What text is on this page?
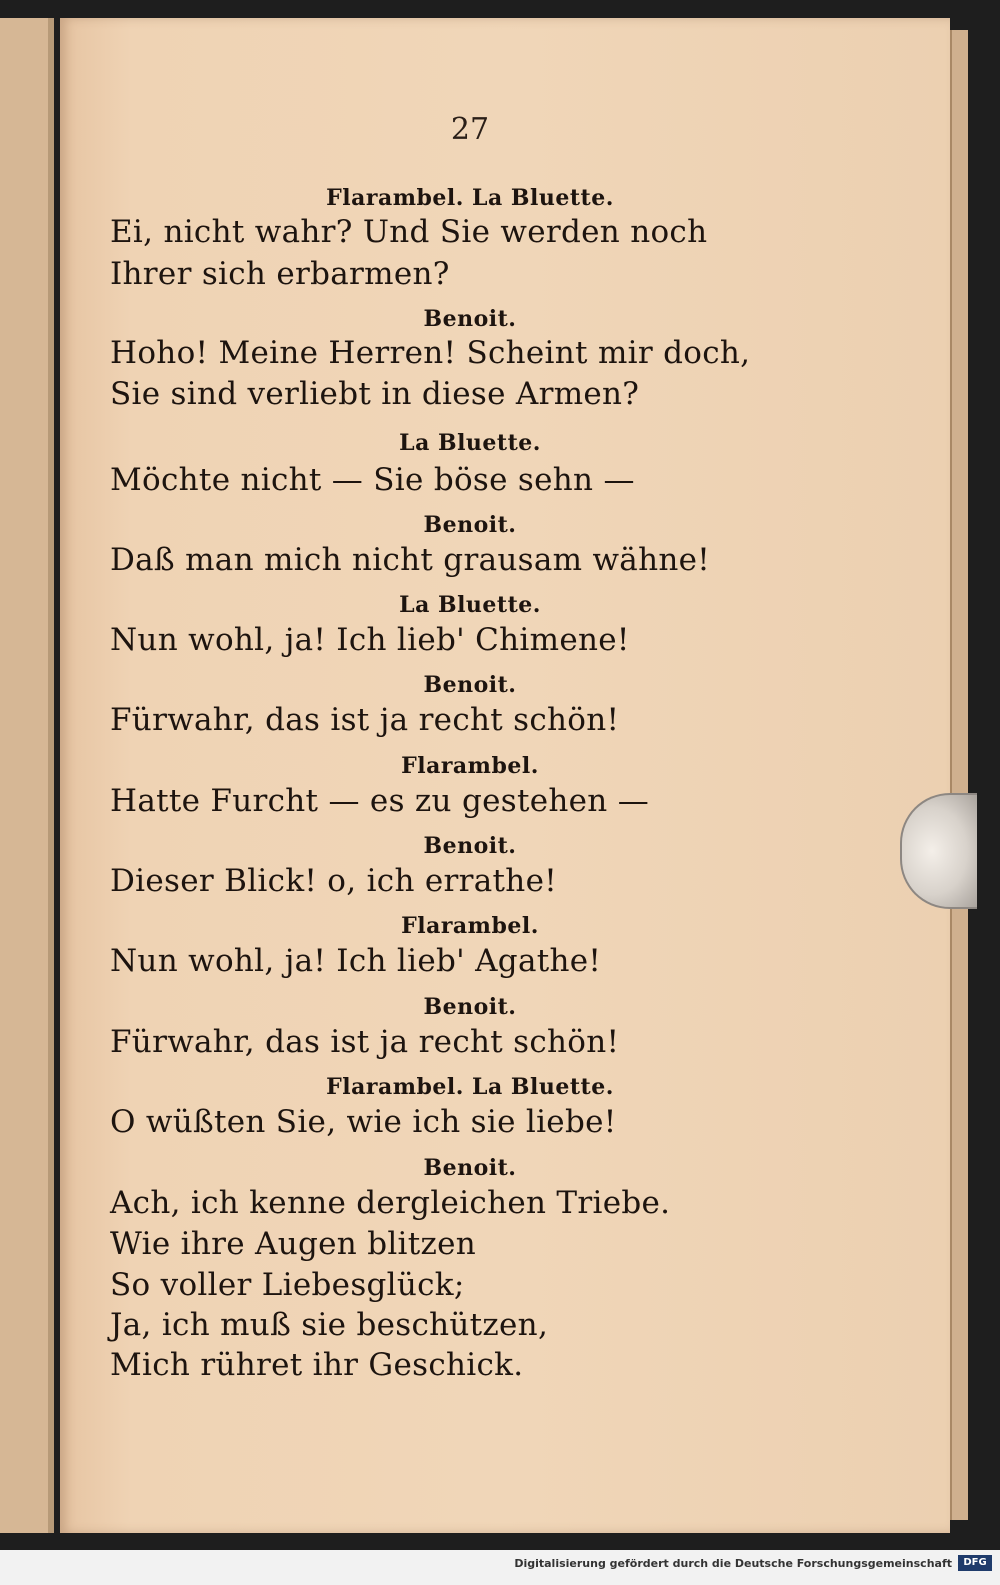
27
Flarambel. La Bluette.
Ei, nicht wahr? Und Sie werden noch
Ihrer sich erbarmen?
Benoit.
Hoho! Meine Herren! Scheint mir doch,
Sie sind verliebt in diese Armen?
La Bluette.
Möchte nicht — Sie böse sehn —
Benoit.
Daß man mich nicht grausam wähne!
La Bluette.
Nun wohl, ja! Ich lieb' Chimene!
Benoit.
Fürwahr, das ist ja recht schön!
Flarambel.
Hatte Furcht — es zu gestehen —
Benoit.
Dieser Blick! o, ich errathe!
Flarambel.
Nun wohl, ja! Ich lieb' Agathe!
Benoit.
Fürwahr, das ist ja recht schön!
Flarambel. La Bluette.
O wüßten Sie, wie ich sie liebe!
Benoit.
Ach, ich kenne dergleichen Triebe.
Wie ihre Augen blitzen
So voller Liebesglück;
Ja, ich muß sie beschützen,
Mich rühret ihr Geschick.
Digitalisierung gefördert durch die Deutsche Forschungsgemeinschaft	DFG
